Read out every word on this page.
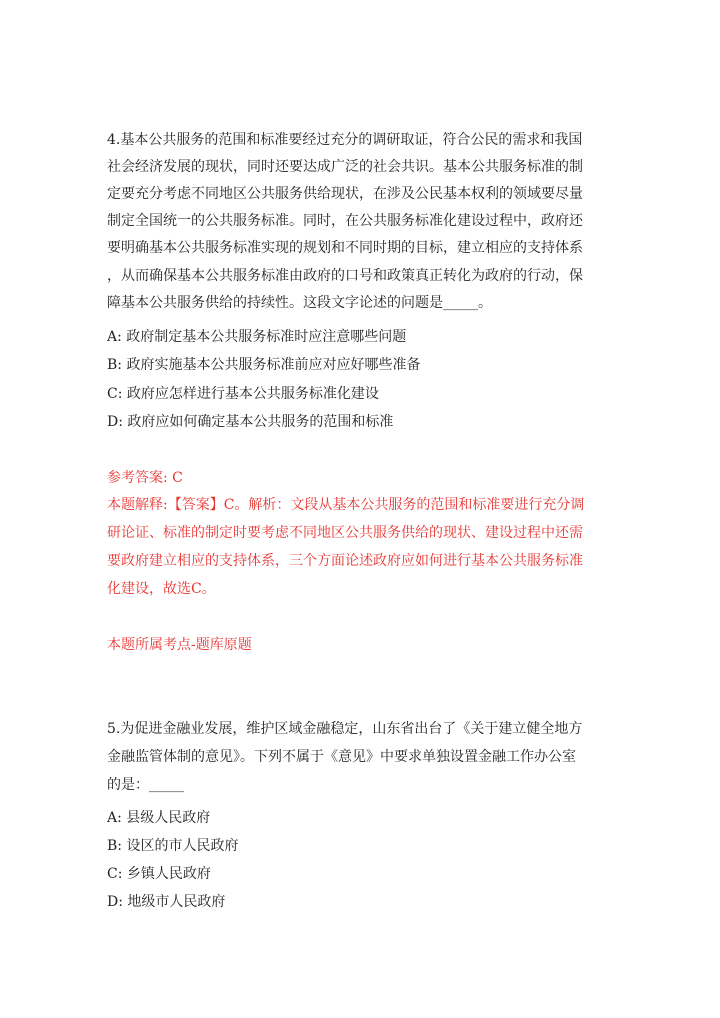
4.基本公共服务的范围和标准要经过充分的调研取证，符合公民的需求和我国
社会经济发展的现状，同时还要达成广泛的社会共识。基本公共服务标准的制
定要充分考虑不同地区公共服务供给现状，在涉及公民基本权利的领域要尽量
制定全国统一的公共服务标准。同时，在公共服务标准化建设过程中，政府还
要明确基本公共服务标准实现的规划和不同时期的目标，建立相应的支持体系
，从而确保基本公共服务标准由政府的口号和政策真正转化为政府的行动，保
障基本公共服务供给的持续性。这段文字论述的问题是_____。
A: 政府制定基本公共服务标准时应注意哪些问题
B: 政府实施基本公共服务标准前应对应好哪些准备
C: 政府应怎样进行基本公共服务标准化建设
D: 政府应如何确定基本公共服务的范围和标准
参考答案: C
本题解释:【答案】C。解析：文段从基本公共服务的范围和标准要进行充分调
研论证、标准的制定时要考虑不同地区公共服务供给的现状、建设过程中还需
要政府建立相应的支持体系，三个方面论述政府应如何进行基本公共服务标准
化建设，故选C。
本题所属考点-题库原题
5.为促进金融业发展，维护区域金融稳定，山东省出台了《关于建立健全地方
金融监管体制的意见》。下列不属于《意见》中要求单独设置金融工作办公室
的是：_____
A: 县级人民政府
B: 设区的市人民政府
C: 乡镇人民政府
D: 地级市人民政府
